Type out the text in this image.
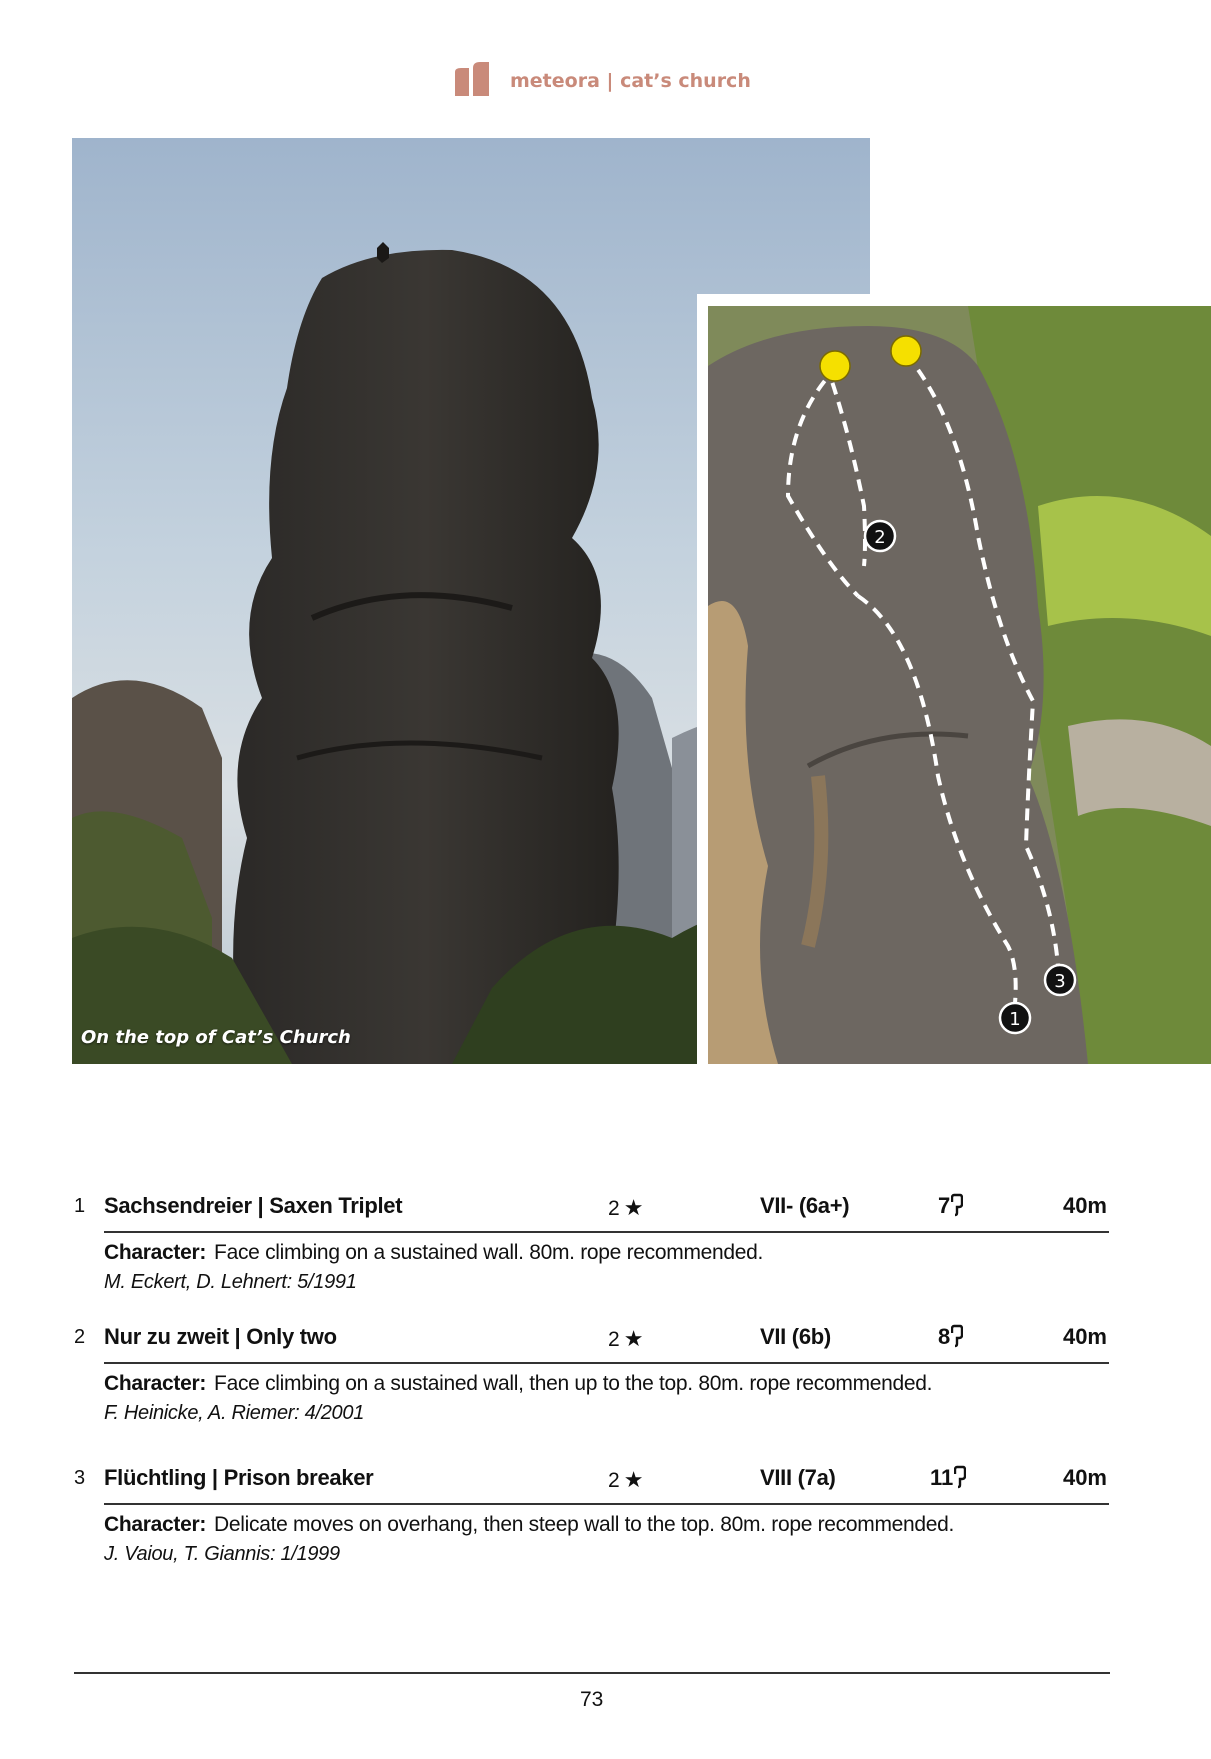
meteora | cat’s church
On the top of Cat’s Church
2
1
3
1 Sachsendreier | Saxen Triplet	2 ★	VII- (6a+)	7	40m
Character: Face climbing on a sustained wall. 80m. rope recommended.
M. Eckert, D. Lehnert: 5/1991
2 Nur zu zweit | Only two	2 ★	VII (6b)	8	40m
Character: Face climbing on a sustained wall, then up to the top. 80m. rope recommended.
F. Heinicke, A. Riemer: 4/2001
3 Flüchtling | Prison breaker	2 ★	VIII (7a)	11	40m
Character: Delicate moves on overhang, then steep wall to the top. 80m. rope recommended.
J. Vaiou, T. Giannis: 1/1999
73
